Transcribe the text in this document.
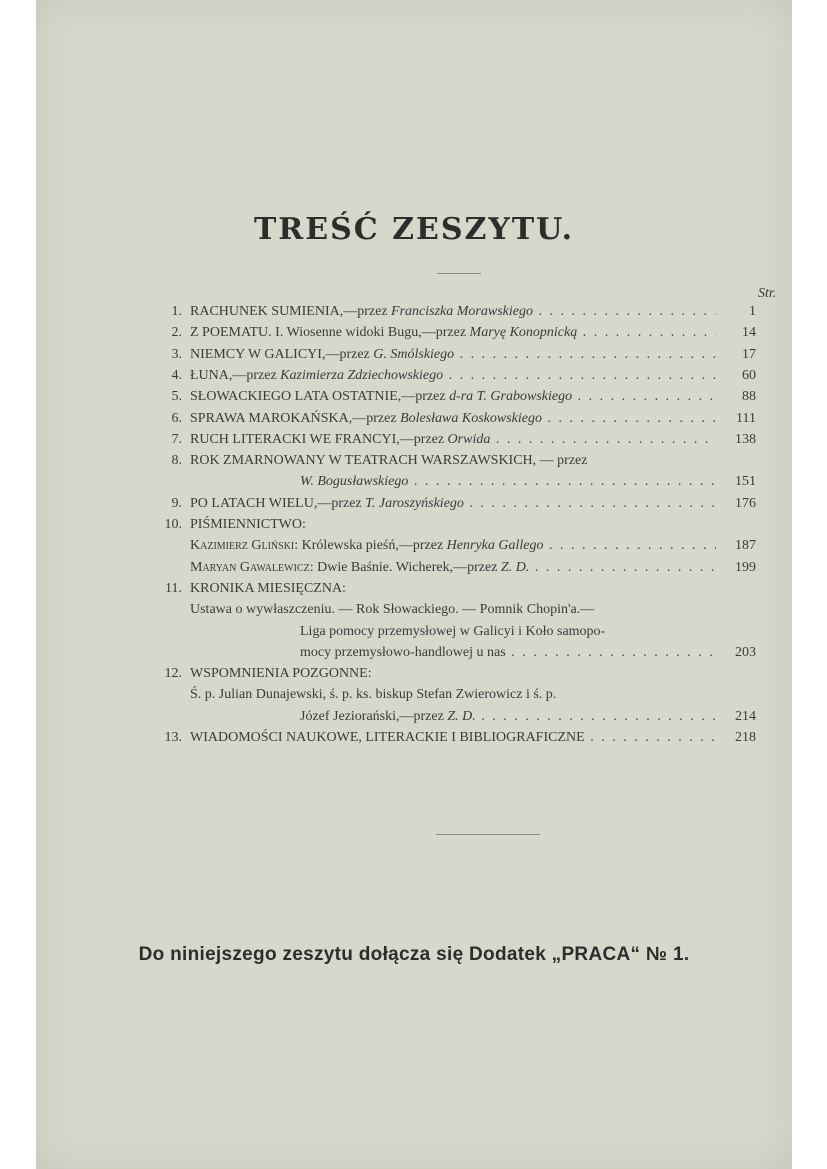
TREŚĆ ZESZYTU.
Str.
1. RACHUNEK SUMIENIA,—przez Franciszka Morawskiego . . .	1
2. Z POEMATU. I. Wiosenne widoki Bugu,—przez Maryę Konopnicką . . .	14
3. NIEMCY W GALICYI,—przez G. Smólskiego . . .	17
4. ŁUNA,—przez Kazimierza Zdziechowskiego . . .	60
5. SŁOWACKIEGO LATA OSTATNIE,—przez d-ra T. Grabowskiego . . .	88
6. SPRAWA MAROKAŃSKA,—przez Bolesława Koskowskiego . . .	111
7. RUCH LITERACKI WE FRANCYI,—przez Orwida . . .	138
8. ROK ZMARNOWANY W TEATRACH WARSZAWSKICH, — przez
W. Bogusławskiego . . .	151
9. PO LATACH WIELU,—przez T. Jaroszyńskiego . . .	176
10. PIŚMIENNICTWO:
Kazimierz Gliński: Królewska pieśń,—przez Henryka Gallego . . .	187
Maryan Gawalewicz: Dwie Baśnie. Wicherek,—przez Z. D. . . .	199
11. KRONIKA MIESIĘCZNA:
Ustawa o wywłaszczeniu. — Rok Słowackiego. — Pomnik Chopin'a.—
Liga pomocy przemysłowej w Galicyi i Koło samopo-
mocy przemysłowo-handlowej u nas . . .	203
12. WSPOMNIENIA POZGONNE:
Ś. p. Julian Dunajewski, ś. p. ks. biskup Stefan Zwierowicz i ś. p.
Józef Jeziorański,—przez Z. D. . . .	214
13. WIADOMOŚCI NAUKOWE, LITERACKIE I BIBLIOGRAFICZNE . . .	218
Do niniejszego zeszytu dołącza się Dodatek „PRACA“ № 1.
